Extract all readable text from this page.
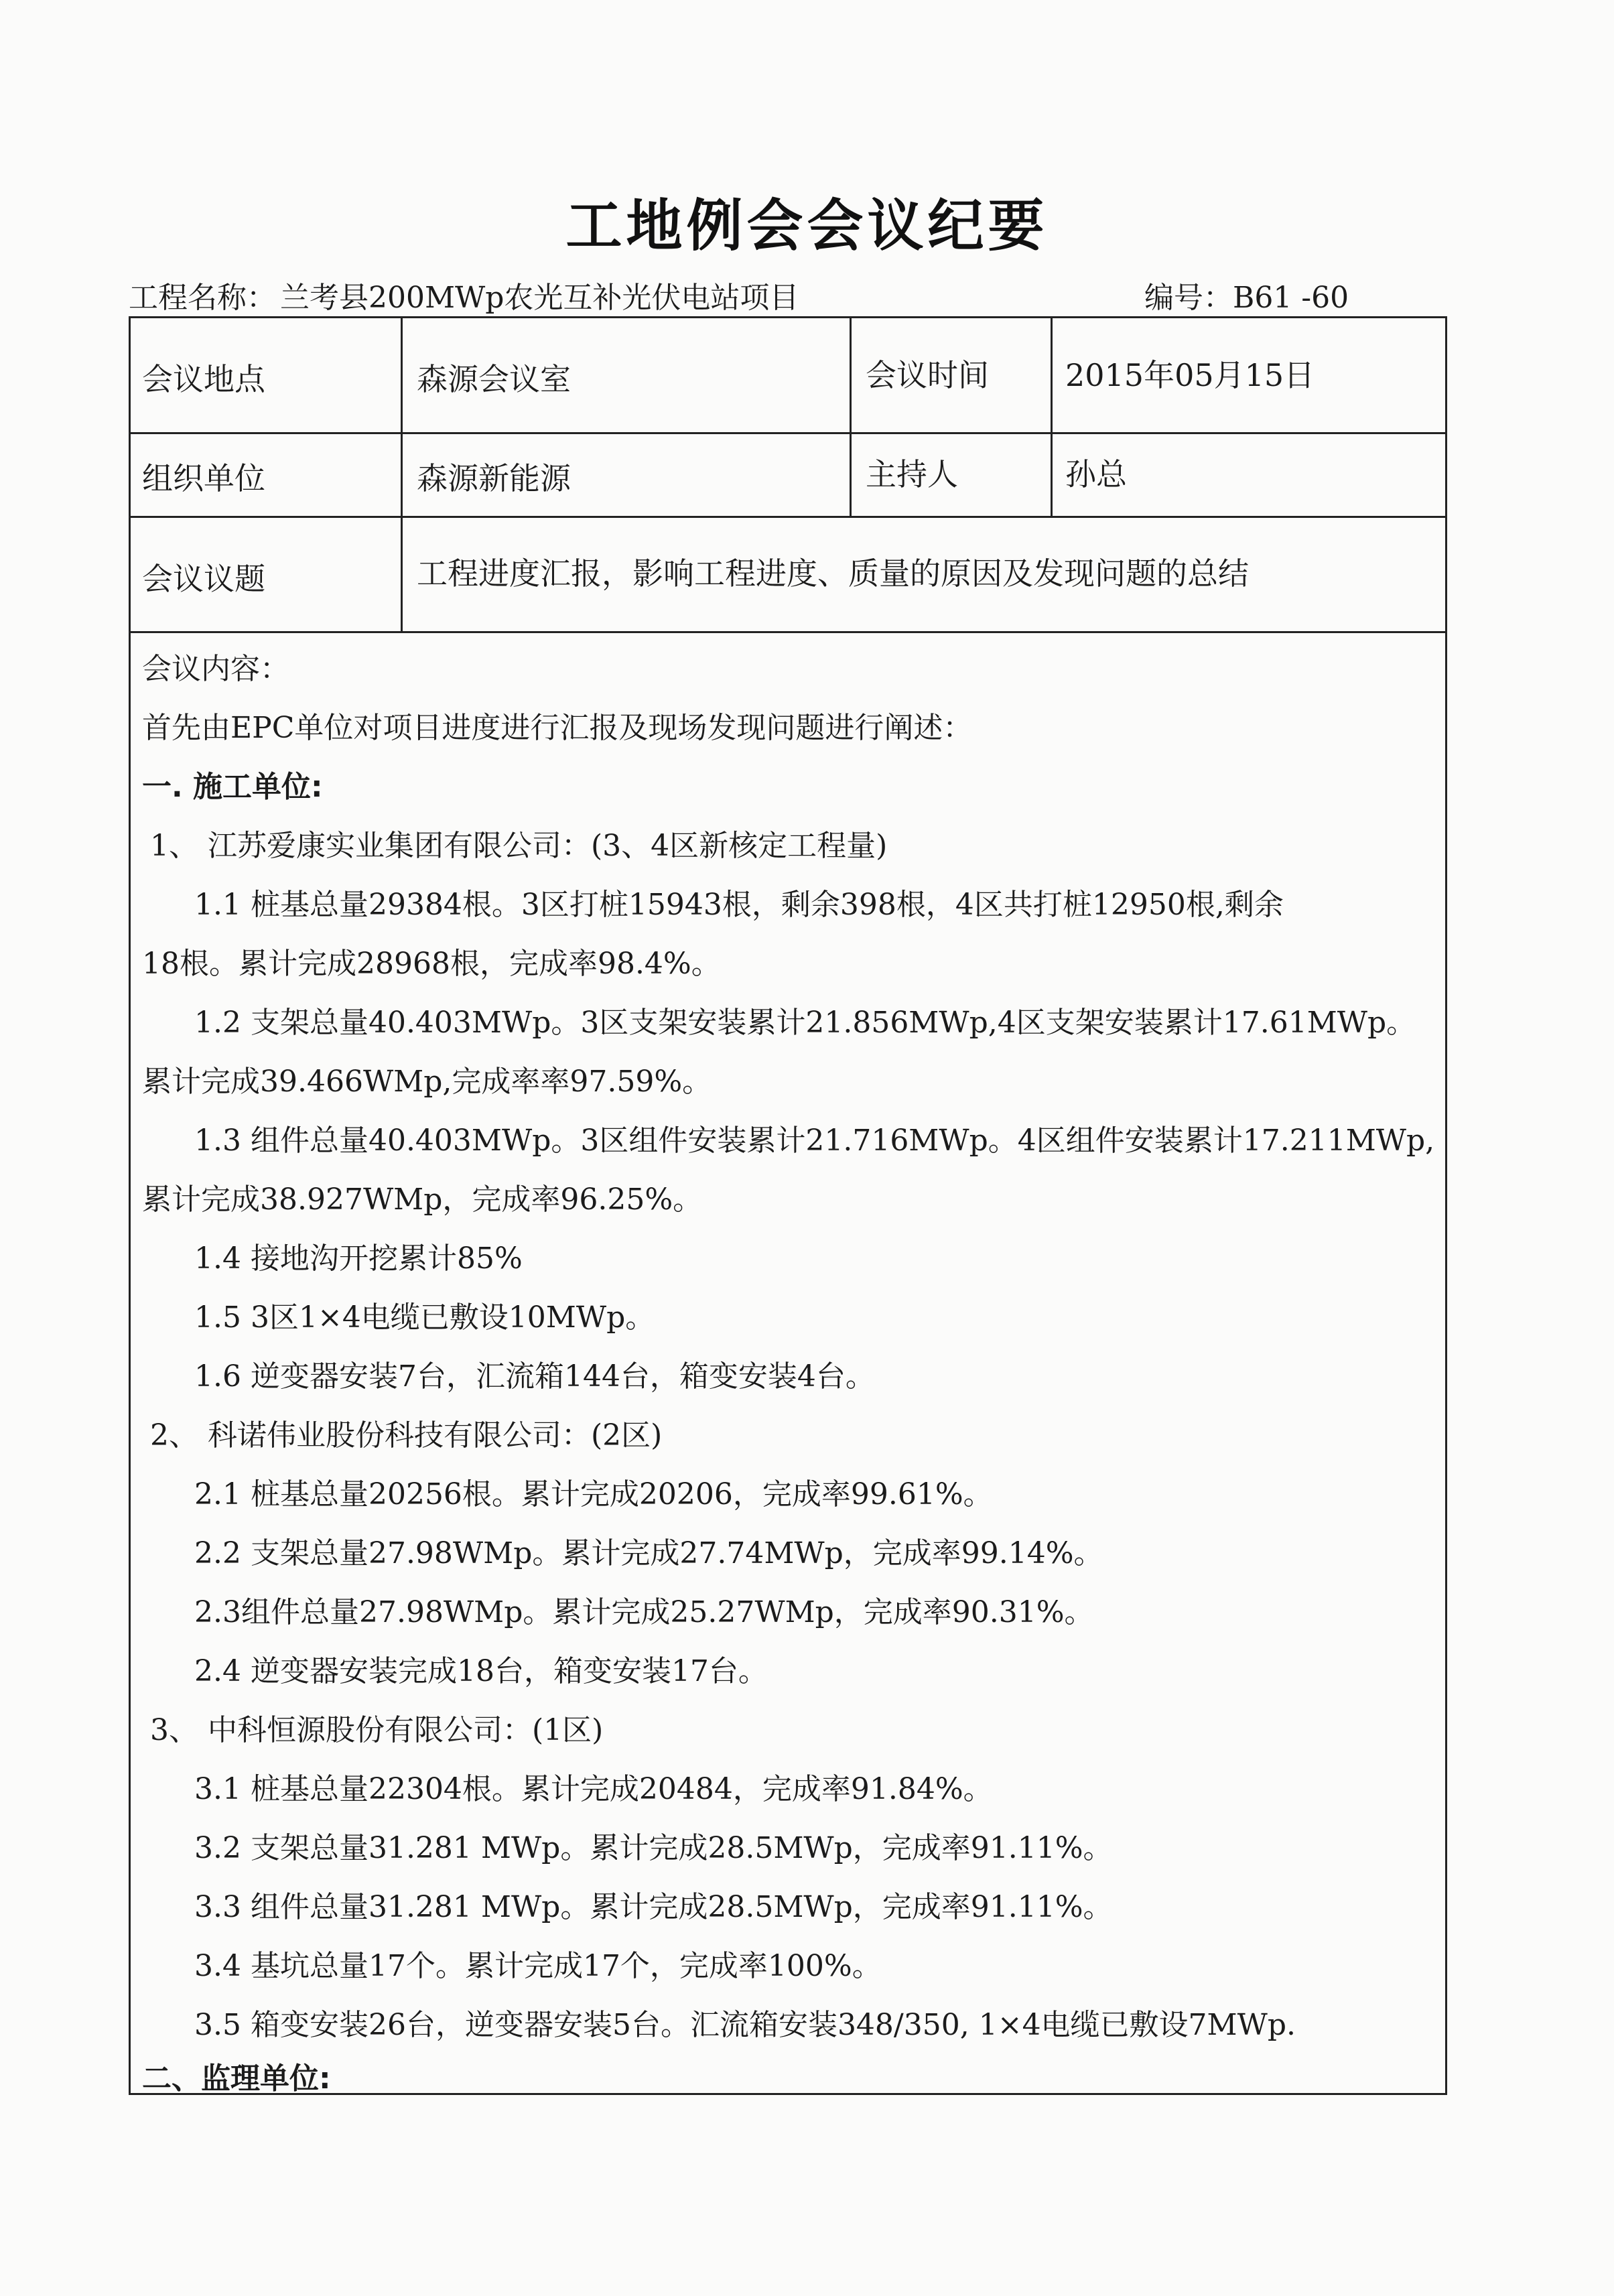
工地例会会议纪要
工程名称： 兰考县200MWp农光互补光伏电站项目	编号：B61 -60
会议地点	森源会议室	会议时间 2015年05月15日
组织单位	森源新能源	主持人	孙总
会议议题	工程进度汇报，影响工程进度、质量的原因及发现问题的总结
会议内容：
首先由EPC单位对项目进度进行汇报及现场发现问题进行阐述：
一. 施工单位:
1、 江苏爱康实业集团有限公司：(3、4区新核定工程量)
1.1 桩基总量29384根。3区打桩15943根，剩余398根，4区共打桩12950根,剩余
18根。累计完成28968根，完成率98.4%。
1.2 支架总量40.403MWp。3区支架安装累计21.856MWp,4区支架安装累计17.61MWp。
累计完成39.466WMp,完成率率97.59%。
1.3 组件总量40.403MWp。3区组件安装累计21.716MWp。4区组件安装累计17.211MWp,
累计完成38.927WMp，完成率96.25%。
1.4 接地沟开挖累计85%
1.5 3区1×4电缆已敷设10MWp。
1.6 逆变器安装7台，汇流箱144台，箱变安装4台。
2、 科诺伟业股份科技有限公司：(2区)
2.1 桩基总量20256根。累计完成20206，完成率99.61%。
2.2 支架总量27.98WMp。累计完成27.74MWp，完成率99.14%。
2.3组件总量27.98WMp。累计完成25.27WMp，完成率90.31%。
2.4 逆变器安装完成18台，箱变安装17台。
3、 中科恒源股份有限公司：(1区)
3.1 桩基总量22304根。累计完成20484，完成率91.84%。
3.2 支架总量31.281 MWp。累计完成28.5MWp，完成率91.11%。
3.3 组件总量31.281 MWp。累计完成28.5MWp，完成率91.11%。
3.4 基坑总量17个。累计完成17个，完成率100%。
3.5 箱变安装26台，逆变器安装5台。汇流箱安装348/350, 1×4电缆已敷设7MWp.
二、监理单位:
